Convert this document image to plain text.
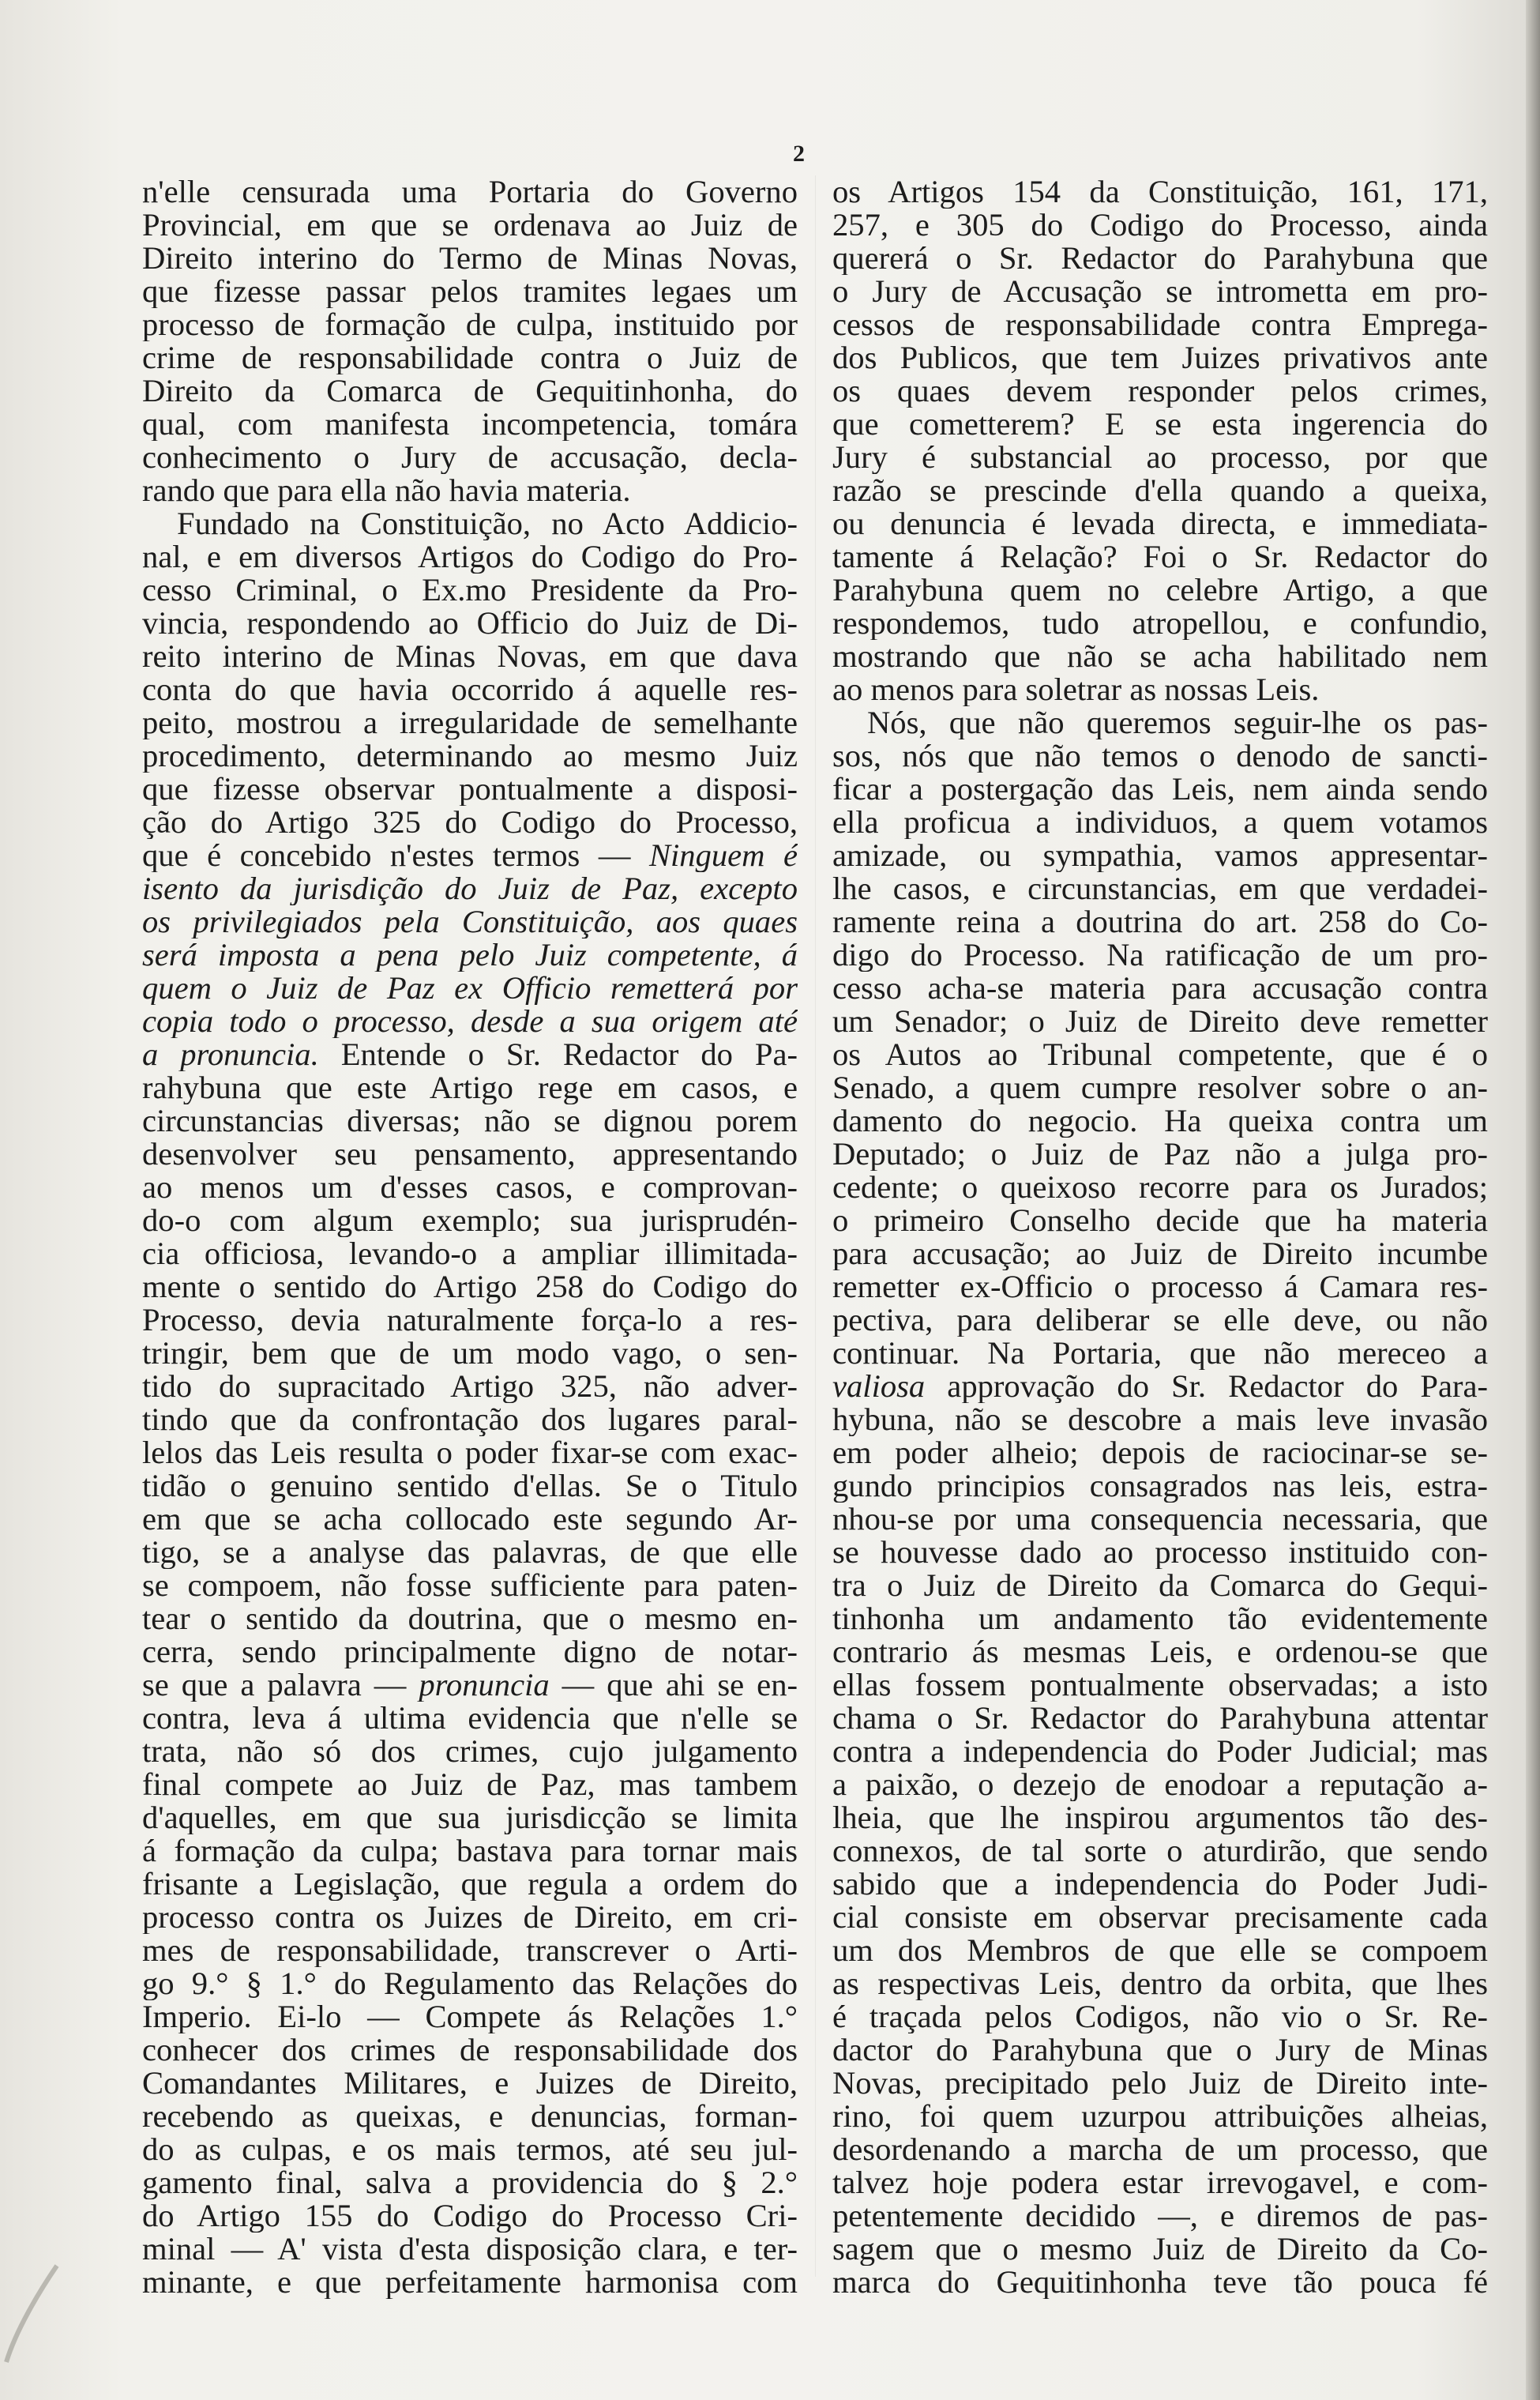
2
n'elle censurada uma Portaria do Governo
Provincial, em que se ordenava ao Juiz de
Direito interino do Termo de Minas Novas,
que fizesse passar pelos tramites legaes um
processo de formação de culpa, instituido por
crime de responsabilidade contra o Juiz de
Direito da Comarca de Gequitinhonha, do
qual, com manifesta incompetencia, tomára
conhecimento o Jury de accusação, decla-
rando que para ella não havia materia.
Fundado na Constituição, no Acto Addicio-
nal, e em diversos Artigos do Codigo do Pro-
cesso Criminal, o Ex.mo Presidente da Pro-
vincia, respondendo ao Officio do Juiz de Di-
reito interino de Minas Novas, em que dava
conta do que havia occorrido á aquelle res-
peito, mostrou a irregularidade de semelhante
procedimento, determinando ao mesmo Juiz
que fizesse observar pontualmente a disposi-
ção do Artigo 325 do Codigo do Processo,
que é concebido n'estes termos — Ninguem é
isento da jurisdição do Juiz de Paz, excepto
os privilegiados pela Constituição, aos quaes
será imposta a pena pelo Juiz competente, á
quem o Juiz de Paz ex Officio remetterá por
copia todo o processo, desde a sua origem até
a pronuncia. Entende o Sr. Redactor do Pa-
rahybuna que este Artigo rege em casos, e
circunstancias diversas; não se dignou porem
desenvolver seu pensamento, appresentando
ao menos um d'esses casos, e comprovan-
do-o com algum exemplo; sua jurisprudén-
cia officiosa, levando-o a ampliar illimitada-
mente o sentido do Artigo 258 do Codigo do
Processo, devia naturalmente força-lo a res-
tringir, bem que de um modo vago, o sen-
tido do supracitado Artigo 325, não adver-
tindo que da confrontação dos lugares paral-
lelos das Leis resulta o poder fixar-se com exac-
tidão o genuino sentido d'ellas. Se o Titulo
em que se acha collocado este segundo Ar-
tigo, se a analyse das palavras, de que elle
se compoem, não fosse sufficiente para paten-
tear o sentido da doutrina, que o mesmo en-
cerra, sendo principalmente digno de notar-
se que a palavra — pronuncia — que ahi se en-
contra, leva á ultima evidencia que n'elle se
trata, não só dos crimes, cujo julgamento
final compete ao Juiz de Paz, mas tambem
d'aquelles, em que sua jurisdicção se limita
á formação da culpa; bastava para tornar mais
frisante a Legislação, que regula a ordem do
processo contra os Juizes de Direito, em cri-
mes de responsabilidade, transcrever o Arti-
go 9.° § 1.° do Regulamento das Relações do
Imperio. Ei-lo — Compete ás Relações 1.°
conhecer dos crimes de responsabilidade dos
Comandantes Militares, e Juizes de Direito,
recebendo as queixas, e denuncias, forman-
do as culpas, e os mais termos, até seu jul-
gamento final, salva a providencia do § 2.°
do Artigo 155 do Codigo do Processo Cri-
minal — A' vista d'esta disposição clara, e ter-
minante, e que perfeitamente harmonisa com
os Artigos 154 da Constituição, 161, 171,
257, e 305 do Codigo do Processo, ainda
quererá o Sr. Redactor do Parahybuna que
o Jury de Accusação se intrometta em pro-
cessos de responsabilidade contra Emprega-
dos Publicos, que tem Juizes privativos ante
os quaes devem responder pelos crimes,
que cometterem? E se esta ingerencia do
Jury é substancial ao processo, por que
razão se prescinde d'ella quando a queixa,
ou denuncia é levada directa, e immediata-
tamente á Relação? Foi o Sr. Redactor do
Parahybuna quem no celebre Artigo, a que
respondemos, tudo atropellou, e confundio,
mostrando que não se acha habilitado nem
ao menos para soletrar as nossas Leis.
Nós, que não queremos seguir-lhe os pas-
sos, nós que não temos o denodo de sancti-
ficar a postergação das Leis, nem ainda sendo
ella proficua a individuos, a quem votamos
amizade, ou sympathia, vamos appresentar-
lhe casos, e circunstancias, em que verdadei-
ramente reina a doutrina do art. 258 do Co-
digo do Processo. Na ratificação de um pro-
cesso acha-se materia para accusação contra
um Senador; o Juiz de Direito deve remetter
os Autos ao Tribunal competente, que é o
Senado, a quem cumpre resolver sobre o an-
damento do negocio. Ha queixa contra um
Deputado; o Juiz de Paz não a julga pro-
cedente; o queixoso recorre para os Jurados;
o primeiro Conselho decide que ha materia
para accusação; ao Juiz de Direito incumbe
remetter ex-Officio o processo á Camara res-
pectiva, para deliberar se elle deve, ou não
continuar. Na Portaria, que não mereceo a
valiosa approvação do Sr. Redactor do Para-
hybuna, não se descobre a mais leve invasão
em poder alheio; depois de raciocinar-se se-
gundo principios consagrados nas leis, estra-
nhou-se por uma consequencia necessaria, que
se houvesse dado ao processo instituido con-
tra o Juiz de Direito da Comarca do Gequi-
tinhonha um andamento tão evidentemente
contrario ás mesmas Leis, e ordenou-se que
ellas fossem pontualmente observadas; a isto
chama o Sr. Redactor do Parahybuna attentar
contra a independencia do Poder Judicial; mas
a paixão, o dezejo de enodoar a reputação a-
lheia, que lhe inspirou argumentos tão des-
connexos, de tal sorte o aturdirão, que sendo
sabido que a independencia do Poder Judi-
cial consiste em observar precisamente cada
um dos Membros de que elle se compoem
as respectivas Leis, dentro da orbita, que lhes
é traçada pelos Codigos, não vio o Sr. Re-
dactor do Parahybuna que o Jury de Minas
Novas, precipitado pelo Juiz de Direito inte-
rino, foi quem uzurpou attribuições alheias,
desordenando a marcha de um processo, que
talvez hoje podera estar irrevogavel, e com-
petentemente decidido —, e diremos de pas-
sagem que o mesmo Juiz de Direito da Co-
marca do Gequitinhonha teve tão pouca fé
